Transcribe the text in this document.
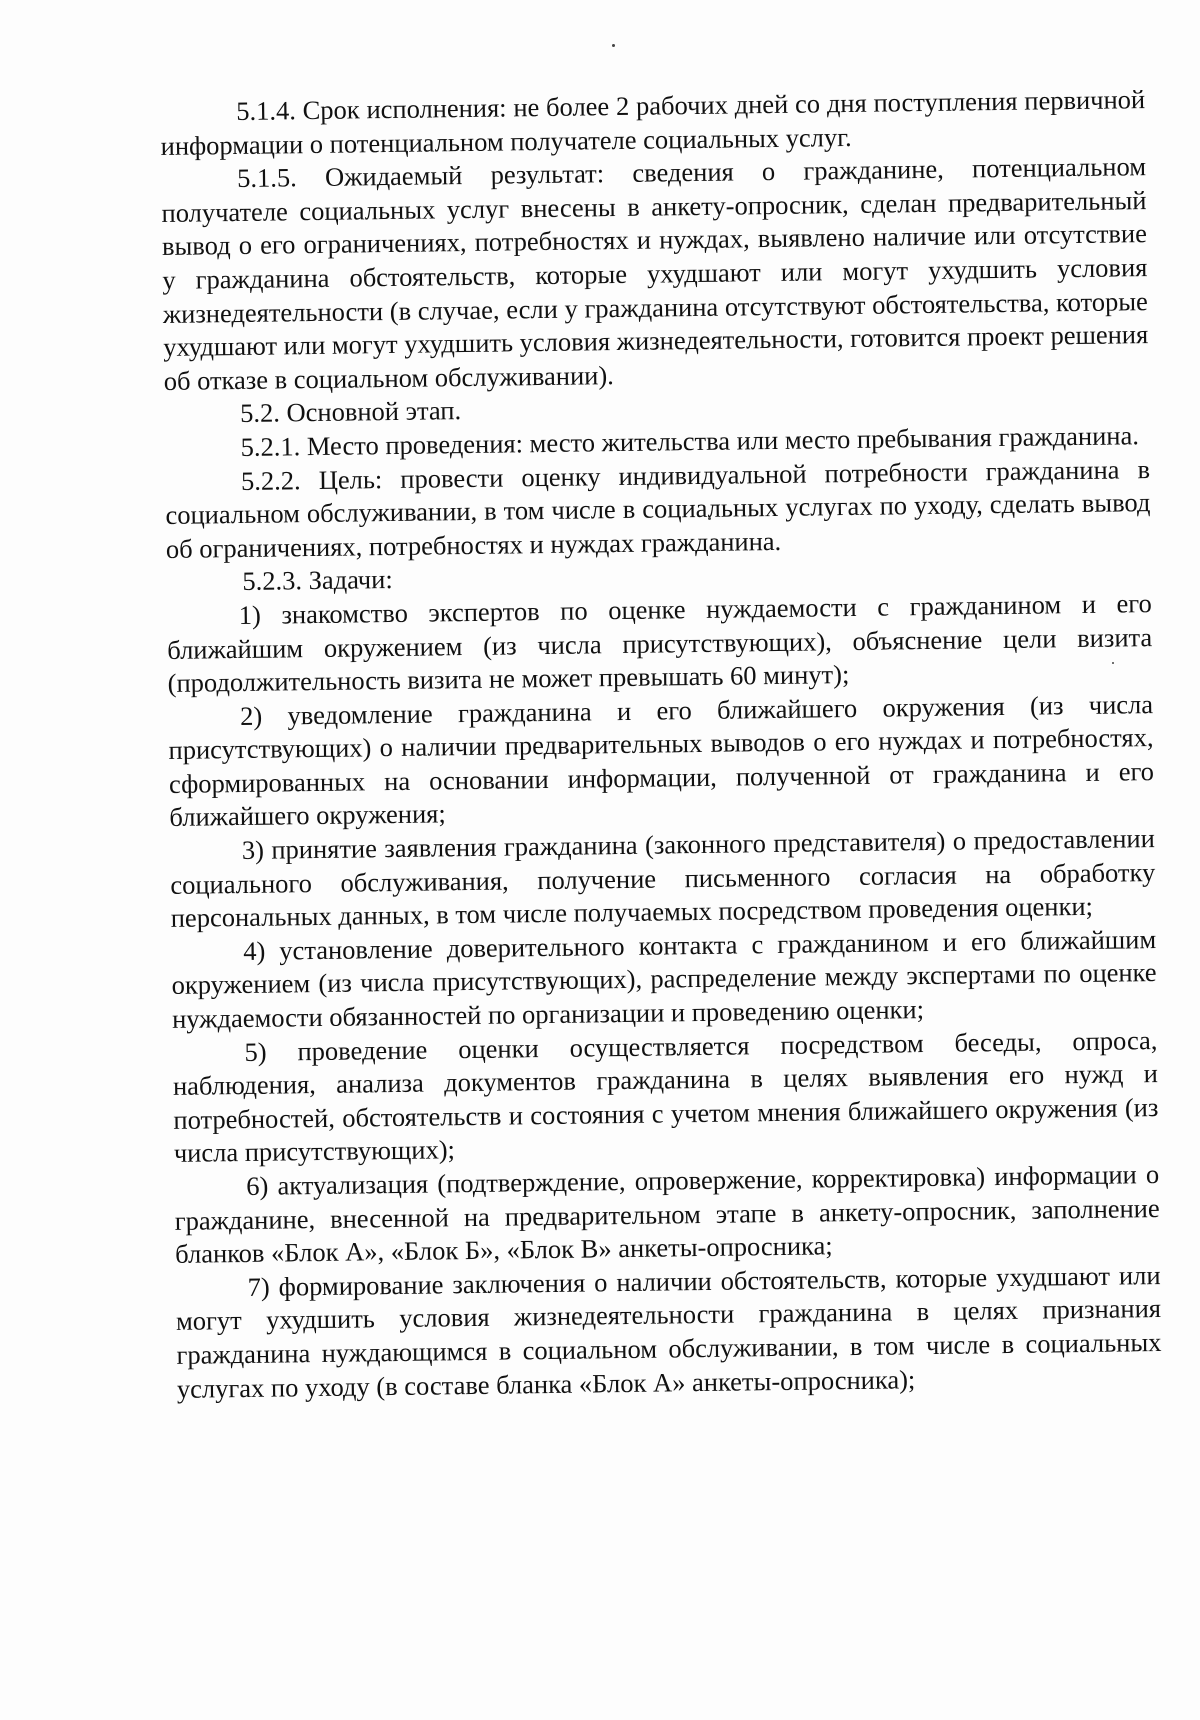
5.1.4. Срок исполнения: не более 2 рабочих дней со дня поступления первичной информации о потенциальном получателе социальных услуг.

5.1.5. Ожидаемый результат: сведения о гражданине, потенциальном получателе социальных услуг внесены в анкету-опросник, сделан предварительный вывод о его ограничениях, потребностях и нуждах, выявлено наличие или отсутствие у гражданина обстоятельств, которые ухудшают или могут ухудшить условия жизнедеятельности (в случае, если у гражданина отсутствуют обстоятельства, которые ухудшают или могут ухудшить условия жизнедеятельности, готовится проект решения об отказе в социальном обслуживании).

5.2. Основной этап.

5.2.1. Место проведения: место жительства или место пребывания гражданина.

5.2.2. Цель: провести оценку индивидуальной потребности гражданина в социальном обслуживании, в том числе в социальных услугах по уходу, сделать вывод об ограничениях, потребностях и нуждах гражданина.

5.2.3. Задачи:

1) знакомство экспертов по оценке нуждаемости с гражданином и его ближайшим окружением (из числа присутствующих), объяснение цели визита (продолжительность визита не может превышать 60 минут);

2) уведомление гражданина и его ближайшего окружения (из числа присутствующих) о наличии предварительных выводов о его нуждах и потребностях, сформированных на основании информации, полученной от гражданина и его ближайшего окружения;

3) принятие заявления гражданина (законного представителя) о предоставлении социального обслуживания, получение письменного согласия на обработку персональных данных, в том числе получаемых посредством проведения оценки;

4) установление доверительного контакта с гражданином и его ближайшим окружением (из числа присутствующих), распределение между экспертами по оценке нуждаемости обязанностей по организации и проведению оценки;

5) проведение оценки осуществляется посредством беседы, опроса, наблюдения, анализа документов гражданина в целях выявления его нужд и потребностей, обстоятельств и состояния с учетом мнения ближайшего окружения (из числа присутствующих);

6) актуализация (подтверждение, опровержение, корректировка) информации о гражданине, внесенной на предварительном этапе в анкету-опросник, заполнение бланков «Блок А», «Блок Б», «Блок В» анкеты-опросника;

7) формирование заключения о наличии обстоятельств, которые ухудшают или могут ухудшить условия жизнедеятельности гражданина в целях признания гражданина нуждающимся в социальном обслуживании, в том числе в социальных услугах по уходу (в составе бланка «Блок А» анкеты-опросника);
